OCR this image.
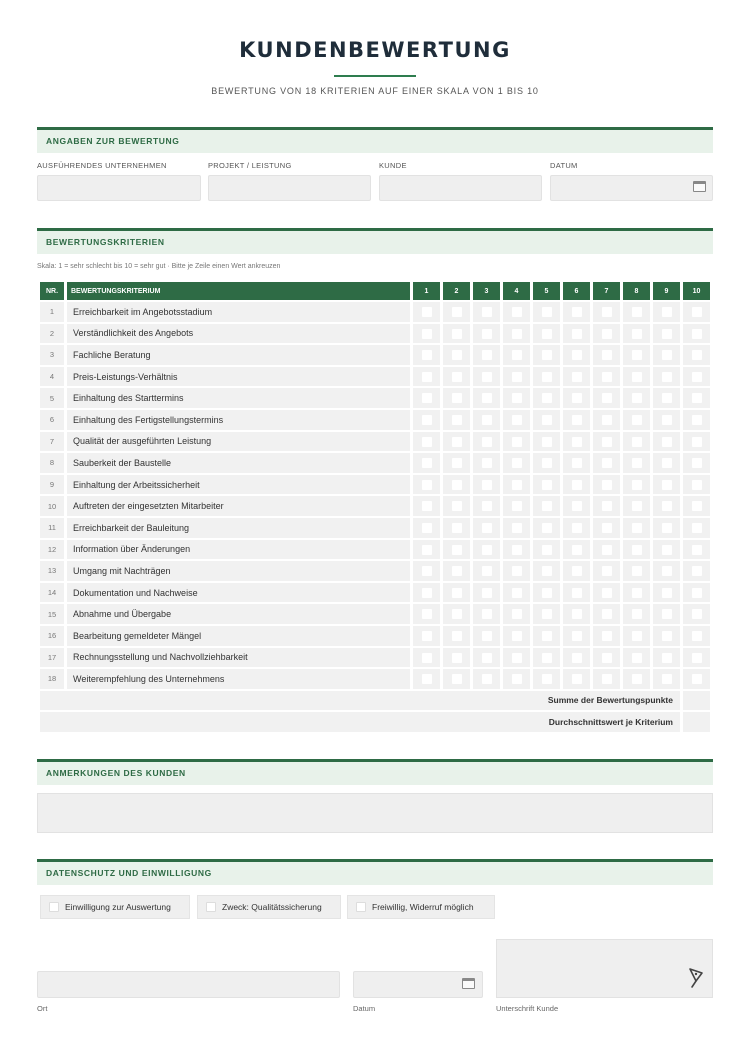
KUNDENBEWERTUNG
BEWERTUNG VON 18 KRITERIEN AUF EINER SKALA VON 1 BIS 10
ANGABEN ZUR BEWERTUNG
AUSFÜHRENDES UNTERNEHMEN	PROJEKT / LEISTUNG	KUNDE	DATUM
BEWERTUNGSKRITERIEN
Skala: 1 = sehr schlecht bis 10 = sehr gut · Bitte je Zeile einen Wert ankreuzen
NR.	BEWERTUNGSKRITERIUM	1	2	3	4	5	6	7	8	9	10
1	Erreichbarkeit im Angebotsstadium										
2	Verständlichkeit des Angebots										
3	Fachliche Beratung										
4	Preis-Leistungs-Verhältnis										
5	Einhaltung des Starttermins										
6	Einhaltung des Fertigstellungstermins										
7	Qualität der ausgeführten Leistung										
8	Sauberkeit der Baustelle										
9	Einhaltung der Arbeitssicherheit										
10	Auftreten der eingesetzten Mitarbeiter										
11	Erreichbarkeit der Bauleitung										
12	Information über Änderungen										
13	Umgang mit Nachträgen										
14	Dokumentation und Nachweise										
15	Abnahme und Übergabe										
16	Bearbeitung gemeldeter Mängel										
17	Rechnungsstellung und Nachvollziehbarkeit										
18	Weiterempfehlung des Unternehmens										
Summe der Bewertungspunkte											
Durchschnittswert je Kriterium											
ANMERKUNGEN DES KUNDEN
DATENSCHUTZ UND EINWILLIGUNG
Einwilligung zur Auswertung	Zweck: Qualitätssicherung	Freiwillig, Widerruf möglich
Ort	Datum	Unterschrift Kunde
